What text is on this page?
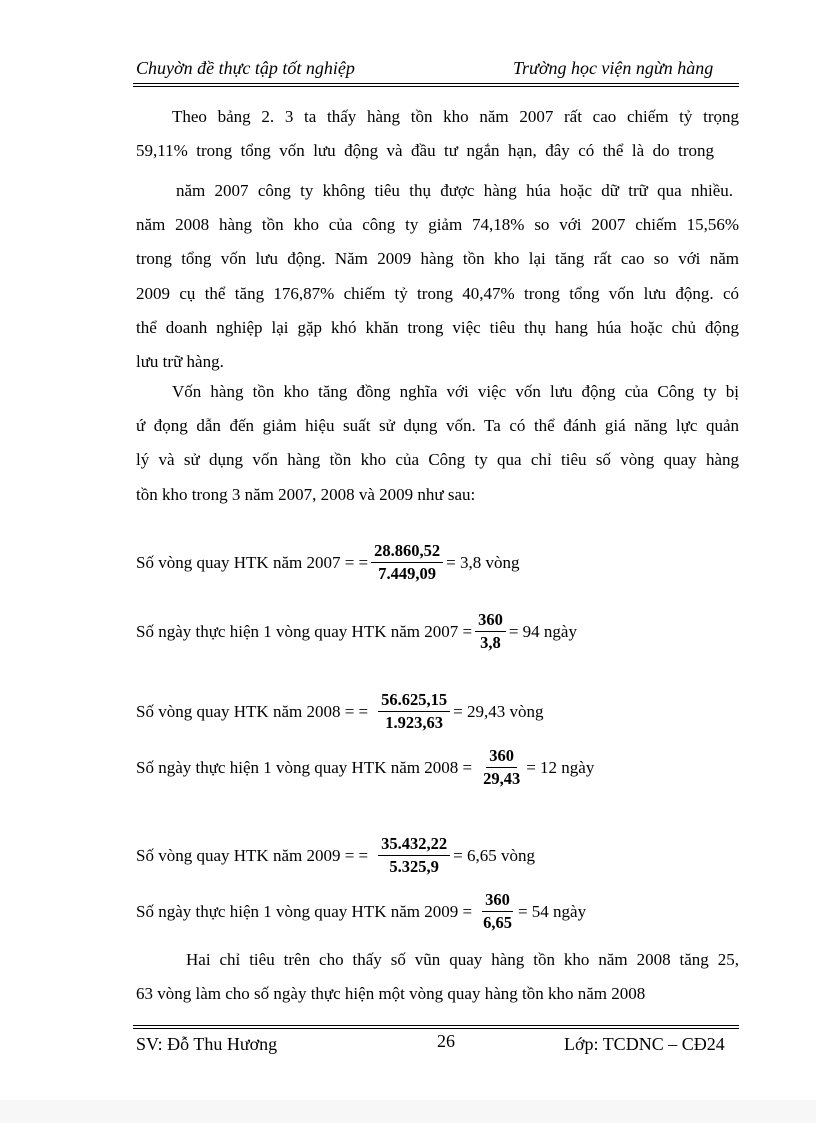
Chuyờn đề thực tập tốt nghiệp	Trường học viện ngừn hàng
Theo bảng 2. 3 ta thấy hàng tồn kho năm 2007 rất cao chiếm tỷ trọng
59,11% trong tổng vốn lưu động và đầu tư ngắn hạn, đây có thể là do trong
năm 2007 công ty không tiêu thụ được hàng húa hoặc dữ trữ qua nhiều.
năm 2008 hàng tồn kho của công ty giảm 74,18% so với 2007 chiếm 15,56%
trong tổng vốn lưu động. Năm 2009 hàng tồn kho lại tăng rất cao so với năm
2009 cụ thể tăng 176,87% chiếm tỷ trong 40,47% trong tổng vốn lưu động. có
thể doanh nghiệp lại gặp khó khăn trong việc tiêu thụ hang húa hoặc chủ động
lưu trữ hàng.
Vốn hàng tồn kho tăng đồng nghĩa với việc vốn lưu động của Công ty bị
ứ đọng dẫn đến giảm hiệu suất sử dụng vốn. Ta có thể đánh giá năng lực quản
lý và sử dụng vốn hàng tồn kho của Công ty qua chỉ tiêu số vòng quay hàng
tồn kho trong 3 năm 2007, 2008 và 2009 như sau:
Số vòng quay HTK năm 2007 = = $\frac{28.860,52}{7.449,09} = 3,8$ vòng
Số ngày thực hiện 1 vòng quay HTK năm $2007 = \frac{360}{3,8} = 94$ ngày
Số vòng quay HTK năm 2008 = = $\frac{56.625,15}{1.923,63} = 29,43$ vòng
Số ngày thực hiện 1 vòng quay HTK năm $2008 = \frac{360}{29,43} = 12$ ngày
Số vòng quay HTK năm 2009 = = $\frac{35.432,22}{5.325,9} = 6,65$ vòng
Số ngày thực hiện 1 vòng quay HTK năm $2009 = \frac{360}{6,65} = 54$ ngày
Hai chỉ tiêu trên cho thấy số vũn quay hàng tồn kho năm 2008 tăng 25,
63 vòng làm cho số ngày thực hiện một vòng quay hàng tồn kho năm 2008
SV: Đỗ Thu Hương	26	Lớp: TCDNC – CĐ24
